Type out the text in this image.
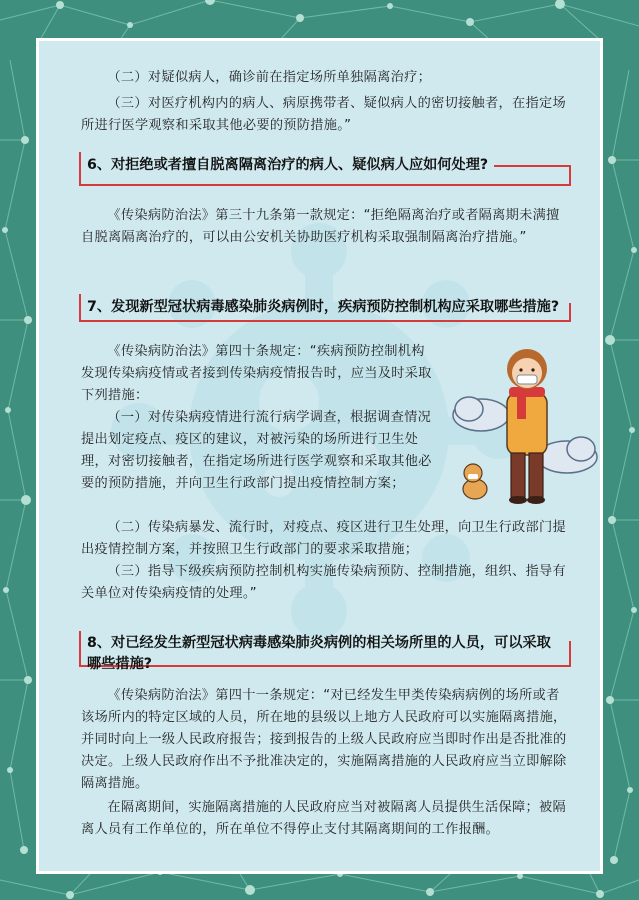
（二）对疑似病人，确诊前在指定场所单独隔离治疗；

（三）对医疗机构内的病人、病原携带者、疑似病人的密切接触者，在指定场所进行医学观察和采取其他必要的预防措施。”

6、对拒绝或者擅自脱离隔离治疗的病人、疑似病人应如何处理?

《传染病防治法》第三十九条第一款规定：“拒绝隔离治疗或者隔离期未满擅自脱离隔离治疗的，可以由公安机关协助医疗机构采取强制隔离治疗措施。”

7、发现新型冠状病毒感染肺炎病例时，疾病预防控制机构应采取哪些措施?

《传染病防治法》第四十条规定：“疾病预防控制机构发现传染病疫情或者接到传染病疫情报告时，应当及时采取下列措施：

（一）对传染病疫情进行流行病学调查，根据调查情况提出划定疫点、疫区的建议，对被污染的场所进行卫生处理，对密切接触者，在指定场所进行医学观察和采取其他必要的预防措施，并向卫生行政部门提出疫情控制方案；

（二）传染病暴发、流行时，对疫点、疫区进行卫生处理，向卫生行政部门提出疫情控制方案，并按照卫生行政部门的要求采取措施；

（三）指导下级疾病预防控制机构实施传染病预防、控制措施，组织、指导有关单位对传染病疫情的处理。”

8、对已经发生新型冠状病毒感染肺炎病例的相关场所里的人员，可以采取哪些措施?

《传染病防治法》第四十一条规定：“对已经发生甲类传染病病例的场所或者该场所内的特定区域的人员，所在地的县级以上地方人民政府可以实施隔离措施，并同时向上一级人民政府报告；接到报告的上级人民政府应当即时作出是否批准的决定。上级人民政府作出不予批准决定的，实施隔离措施的人民政府应当立即解除隔离措施。

在隔离期间，实施隔离措施的人民政府应当对被隔离人员提供生活保障；被隔离人员有工作单位的，所在单位不得停止支付其隔离期间的工作报酬。
